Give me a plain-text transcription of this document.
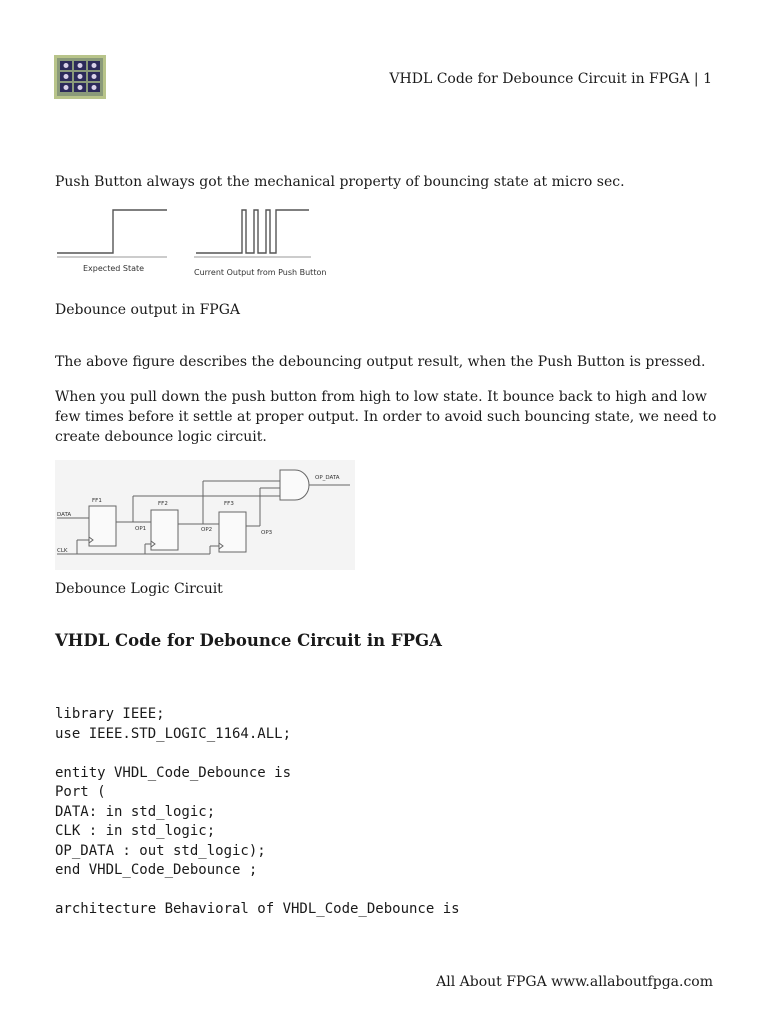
VHDL Code for Debounce Circuit in FPGA | 1
Push Button always got the mechanical property of bouncing state at micro sec.
Expected State	Current Output from Push Button
Debounce output in FPGA
The above figure describes the debouncing output result, when the Push Button is pressed.
When you pull down the push button from high to low state. It bounce back to high and low
few times before it settle at proper output. In order to avoid such bouncing state, we need to
create debounce logic circuit.
DATA
CLK
FF1	FF2	FF3
OP1	OP2	OP3
OP_DATA
Debounce Logic Circuit
VHDL Code for Debounce Circuit in FPGA
library IEEE;
use IEEE.STD_LOGIC_1164.ALL;

entity VHDL_Code_Debounce is
Port (
DATA: in std_logic;
CLK : in std_logic;
OP_DATA : out std_logic);
end VHDL_Code_Debounce ;

architecture Behavioral of VHDL_Code_Debounce is
All About FPGA www.allaboutfpga.com
